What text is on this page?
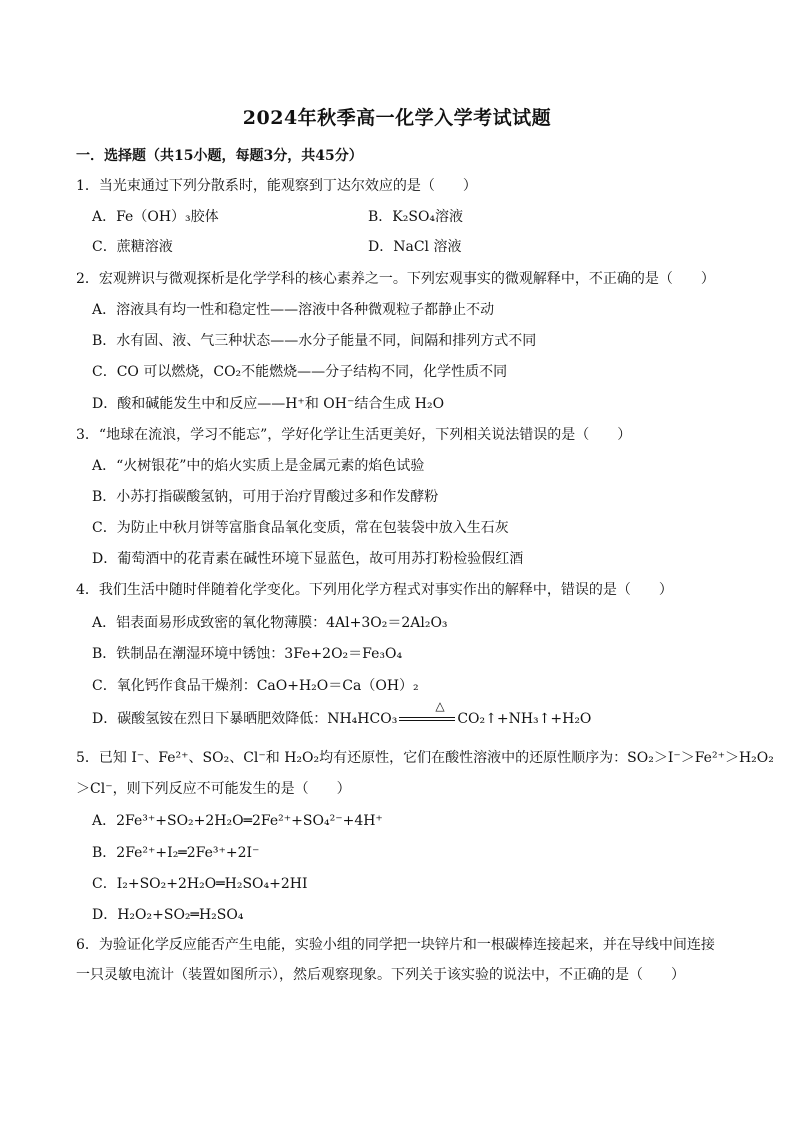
2024年秋季高一化学入学考试试题
一．选择题（共15小题，每题3分，共45分）
1．当光束通过下列分散系时，能观察到丁达尔效应的是（　　）
A．Fe（OH）₃胶体	B．K₂SO₄溶液
C．蔗糖溶液	D．NaCl 溶液
2．宏观辨识与微观探析是化学学科的核心素养之一。下列宏观事实的微观解释中，不正确的是（　　）
A．溶液具有均一性和稳定性——溶液中各种微观粒子都静止不动
B．水有固、液、气三种状态——水分子能量不同，间隔和排列方式不同
C．CO 可以燃烧，CO₂不能燃烧——分子结构不同，化学性质不同
D．酸和碱能发生中和反应——H⁺和 OH⁻结合生成 H₂O
3．“地球在流浪，学习不能忘”，学好化学让生活更美好，下列相关说法错误的是（　　）
A．“火树银花”中的焰火实质上是金属元素的焰色试验
B．小苏打指碳酸氢钠，可用于治疗胃酸过多和作发酵粉
C．为防止中秋月饼等富脂食品氧化变质，常在包装袋中放入生石灰
D．葡萄酒中的花青素在碱性环境下显蓝色，故可用苏打粉检验假红酒
4．我们生活中随时伴随着化学变化。下列用化学方程式对事实作出的解释中，错误的是（　　）
A．铝表面易形成致密的氧化物薄膜：4Al+3O₂＝2Al₂O₃
B．铁制品在潮湿环境中锈蚀：3Fe+2O₂＝Fe₃O₄
C．氧化钙作食品干燥剂：CaO+H₂O＝Ca（OH）₂
D．碳酸氢铵在烈日下暴晒肥效降低：NH₄HCO₃
△
CO₂↑+NH₃↑+H₂O
5．已知 I⁻、Fe²⁺、SO₂、Cl⁻和 H₂O₂均有还原性，它们在酸性溶液中的还原性顺序为：SO₂＞I⁻＞Fe²⁺＞H₂O₂
＞Cl⁻，则下列反应不可能发生的是（　　）
A．2Fe³⁺+SO₂+2H₂O═2Fe²⁺+SO₄²⁻+4H⁺
B．2Fe²⁺+I₂═2Fe³⁺+2I⁻
C．I₂+SO₂+2H₂O═H₂SO₄+2HI
D．H₂O₂+SO₂═H₂SO₄
6．为验证化学反应能否产生电能，实验小组的同学把一块锌片和一根碳棒连接起来，并在导线中间连接
一只灵敏电流计（装置如图所示），然后观察现象。下列关于该实验的说法中，不正确的是（　　）
